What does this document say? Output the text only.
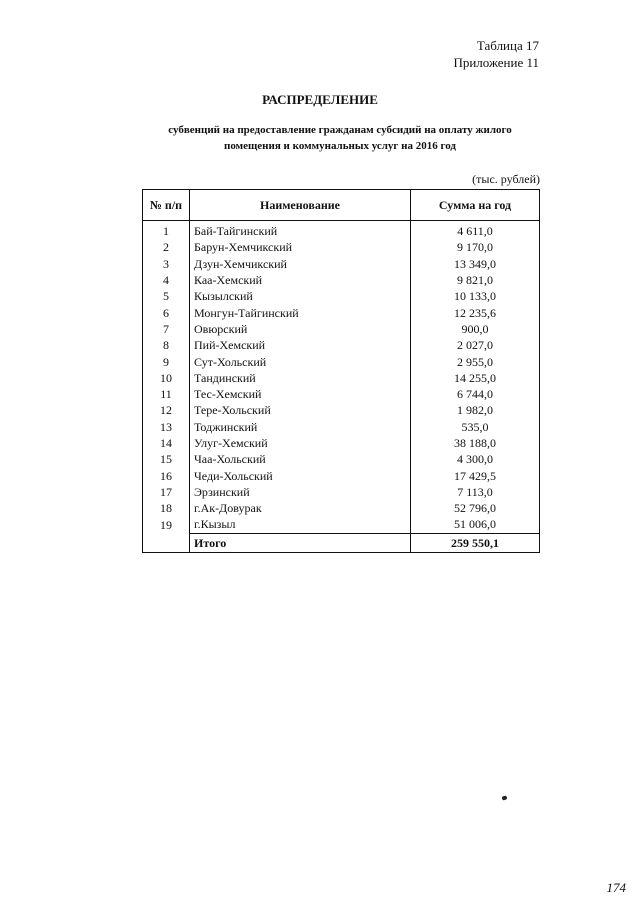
Таблица 17
Приложение 11
РАСПРЕДЕЛЕНИЕ
субвенций на предоставление гражданам субсидий на оплату жилого
помещения и коммунальных услуг на 2016 год
(тыс. рублей)
№ п/п	Наименование	Сумма на год
1	Бай-Тайгинский	4 611,0
2	Барун-Хемчикский	9 170,0
3	Дзун-Хемчикский	13 349,0
4	Каа-Хемский	9 821,0
5	Кызылский	10 133,0
6	Монгун-Тайгинский	12 235,6
7	Овюрский	900,0
8	Пий-Хемский	2 027,0
9	Сут-Хольский	2 955,0
10	Тандинский	14 255,0
11	Тес-Хемский	6 744,0
12	Тере-Хольский	1 982,0
13	Тоджинский	535,0
14	Улуг-Хемский	38 188,0
15	Чаа-Хольский	4 300,0
16	Чеди-Хольский	17 429,5
17	Эрзинский	7 113,0
18	г.Ак-Довурак	52 796,0
19	г.Кызыл	51 006,0
	Итого	259 550,1
174
